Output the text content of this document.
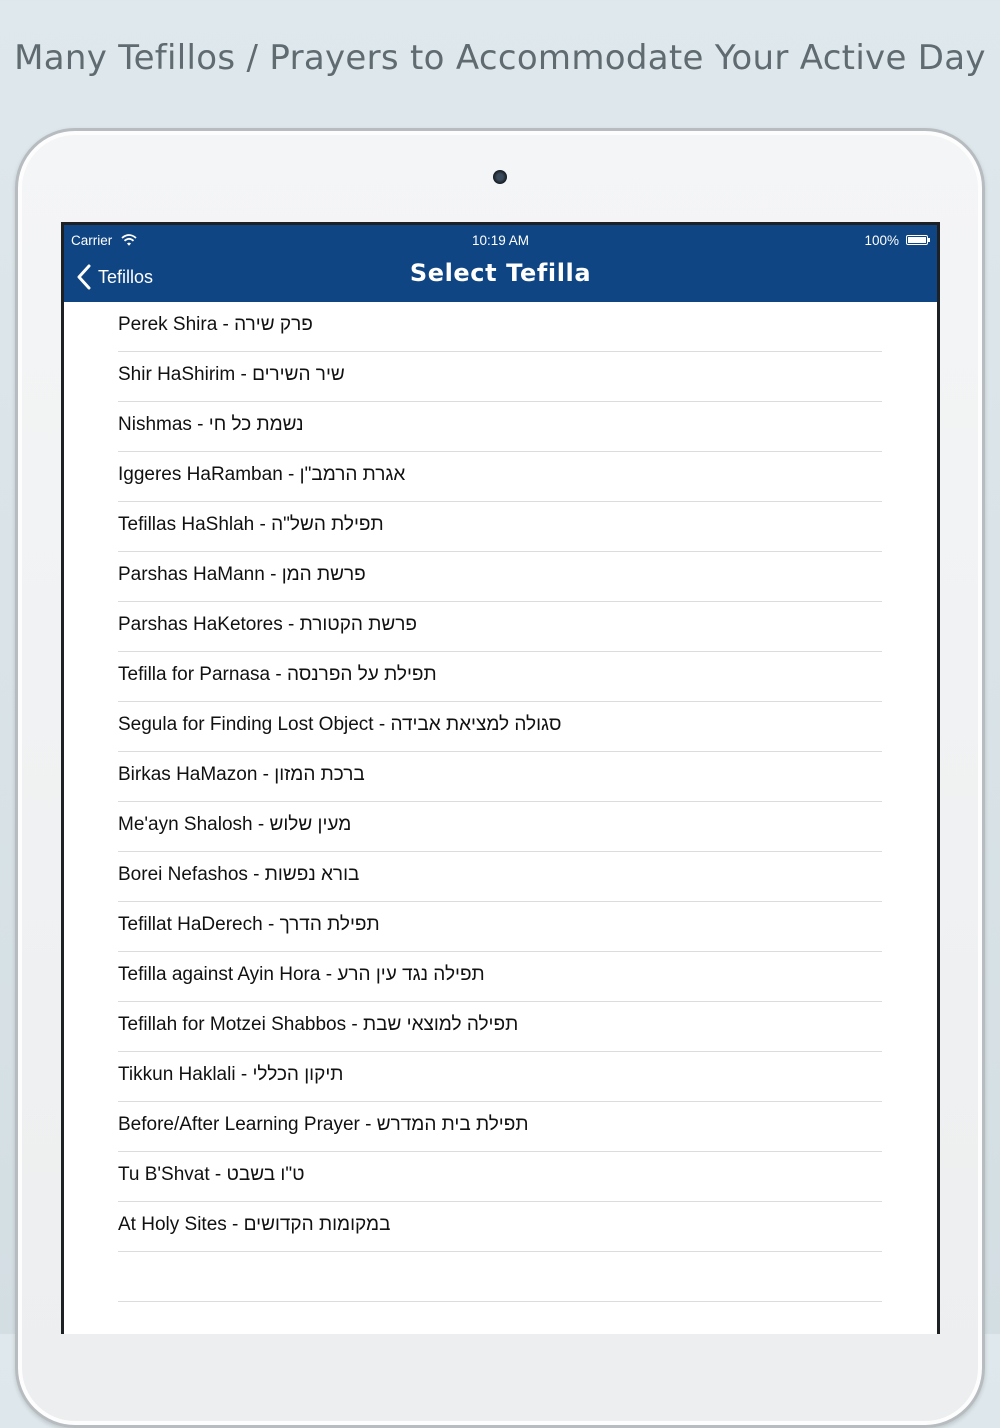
Many Tefillos / Prayers to Accommodate Your Active Day
Carrier	10:19 AM	100%
Tefillos	Select Tefilla
Perek Shira - פרק שירה
Shir HaShirim - שיר השירים
Nishmas - נשמת כל חי
Iggeres HaRamban - אגרת הרמב"ן
Tefillas HaShlah - תפילת השל"ה
Parshas HaMann - פרשת המן
Parshas HaKetores - פרשת הקטורת
Tefilla for Parnasa - תפילת על הפרנסה
Segula for Finding Lost Object - סגולה למציאת אבידה
Birkas HaMazon - ברכת המזון
Me'ayn Shalosh - מעין שלוש
Borei Nefashos - בורא נפשות
Tefillat HaDerech - תפילת הדרך
Tefilla against Ayin Hora - תפילה נגד עין הרע
Tefillah for Motzei Shabbos - תפילה למוצאי שבת
Tikkun Haklali - תיקון הכללי
Before/After Learning Prayer - תפילת בית המדרש
Tu B'Shvat - ט"ו בשבט
At Holy Sites - במקומות הקדושים
